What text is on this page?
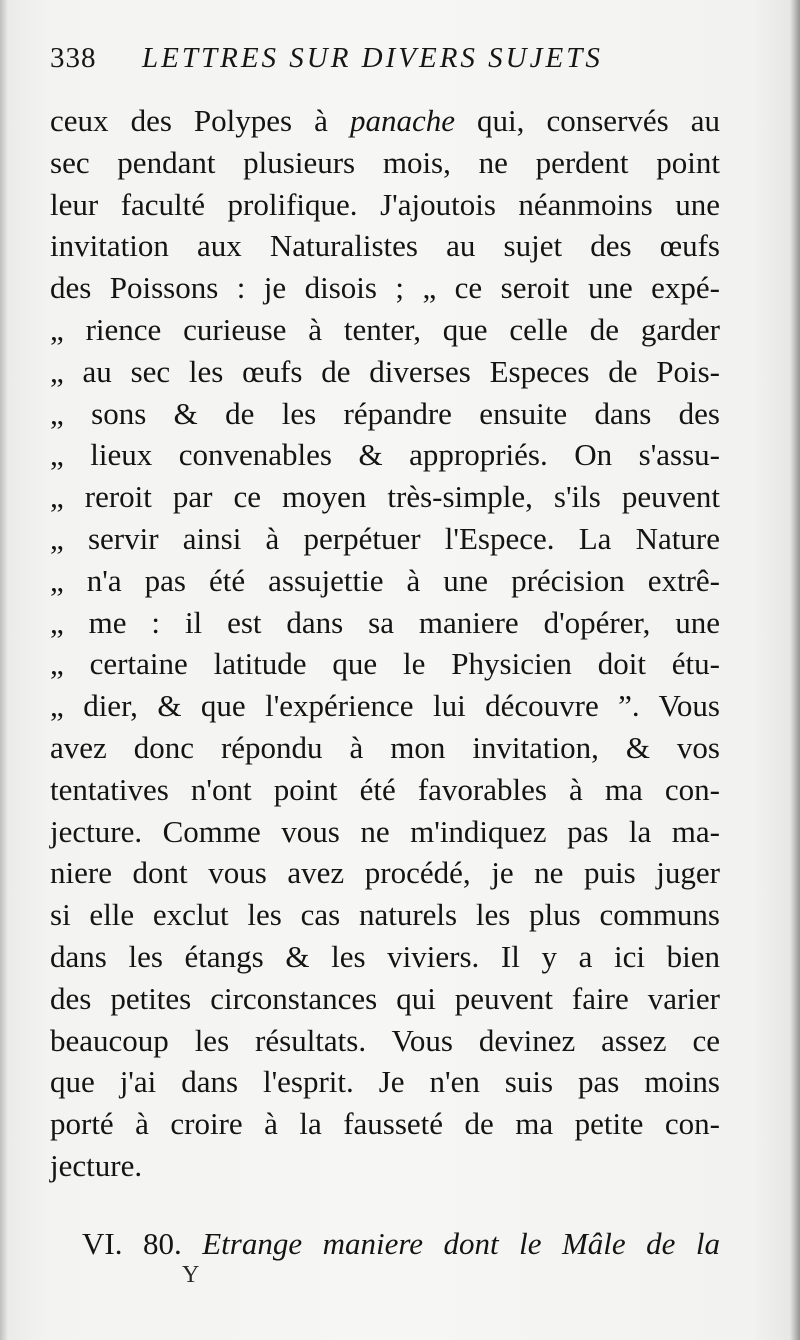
338 LETTRES SUR DIVERS SUJETS
ceux des Polypes à panache qui, conservés au
sec pendant plusieurs mois, ne perdent point
leur faculté prolifique. J'ajoutois néanmoins une
invitation aux Naturalistes au sujet des œufs
des Poissons : je disois ; „ ce seroit une expé-
„ rience curieuse à tenter, que celle de garder
„ au sec les œufs de diverses Especes de Pois-
„ sons & de les répandre ensuite dans des
„ lieux convenables & appropriés. On s'assu-
„ reroit par ce moyen très-simple, s'ils peuvent
„ servir ainsi à perpétuer l'Espece. La Nature
„ n'a pas été assujettie à une précision extrê-
„ me : il est dans sa maniere d'opérer, une
„ certaine latitude que le Physicien doit étu-
„ dier, & que l'expérience lui découvre ”. Vous
avez donc répondu à mon invitation, & vos
tentatives n'ont point été favorables à ma con-
jecture. Comme vous ne m'indiquez pas la ma-
niere dont vous avez procédé, je ne puis juger
si elle exclut les cas naturels les plus communs
dans les étangs & les viviers. Il y a ici bien
des petites circonstances qui peuvent faire varier
beaucoup les résultats. Vous devinez assez ce
que j'ai dans l'esprit. Je n'en suis pas moins
porté à croire à la fausseté de ma petite con-
jecture.
VI. 80. Etrange maniere dont le Mâle de la
Y
